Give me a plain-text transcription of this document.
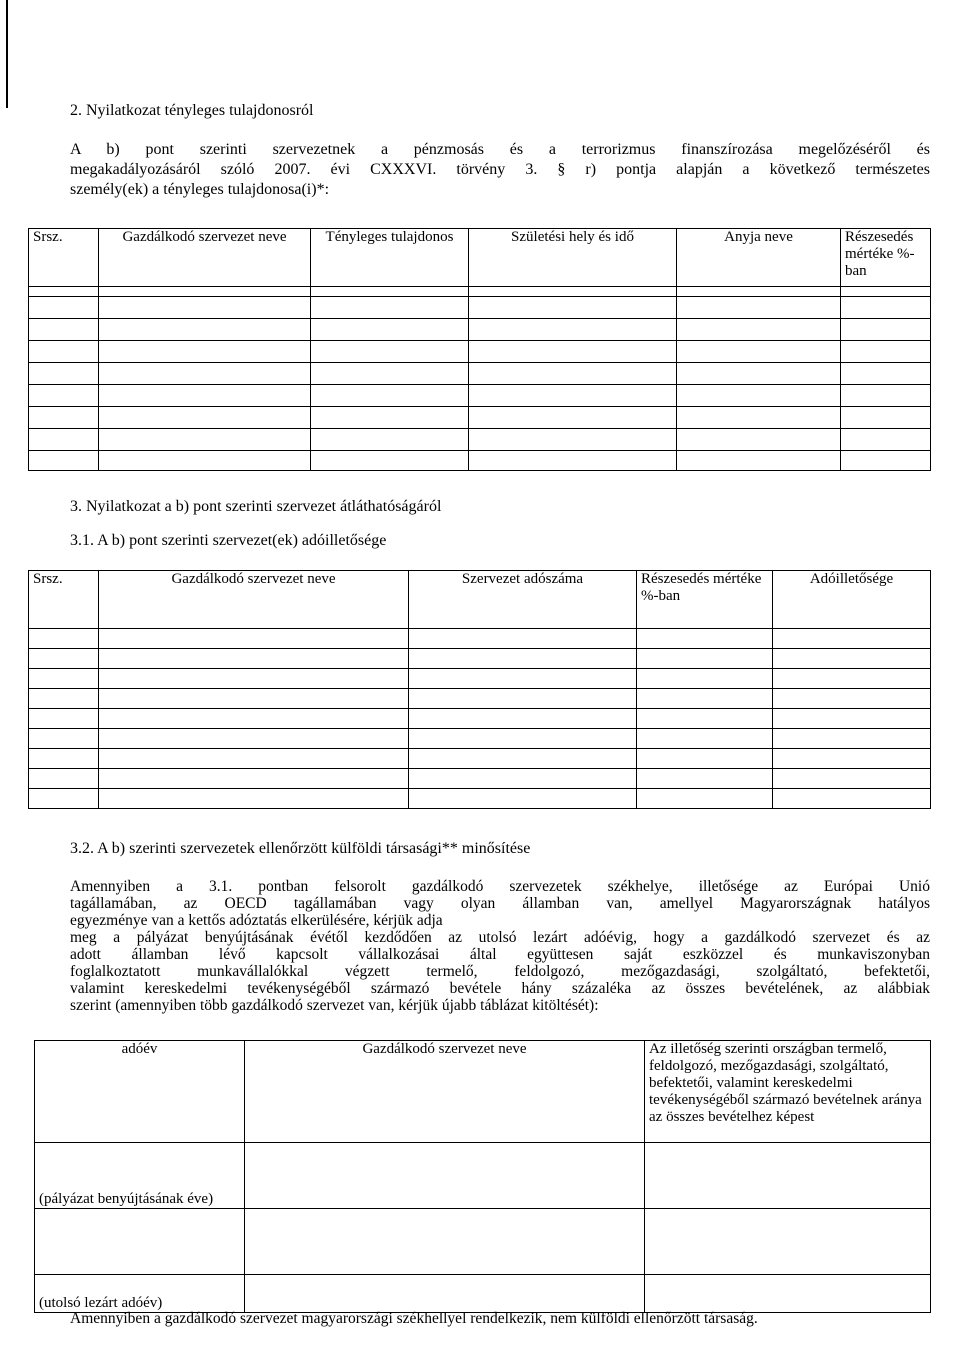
2. Nyilatkozat tényleges tulajdonosról
A b) pont szerinti szervezetnek a pénzmosás és a terrorizmus finanszírozása megelőzéséről és
megakadályozásáról szóló 2007. évi CXXXVI. törvény 3. § r) pontja alapján a következő természetes
személy(ek) a tényleges tulajdonosa(i)*:
Srsz.	Gazdálkodó szervezet neve	Tényleges tulajdonos	Születési hely és idő	Anyja neve	Részesedés mértéke %-ban

3. Nyilatkozat a b) pont szerinti szervezet átláthatóságáról
3.1. A b) pont szerinti szervezet(ek) adóilletősége
Srsz.	Gazdálkodó szervezet neve	Szervezet adószáma	Részesedés mértéke %-ban	Adóilletősége

3.2. A b) szerinti szervezetek ellenőrzött külföldi társasági** minősítése

Amennyiben a 3.1. pontban felsorolt gazdálkodó szervezetek székhelye, illetősége az Európai Unió

tagállamában, az OECD tagállamában vagy olyan államban van, amellyel Magyarországnak hatályos

egyezménye van a kettős adóztatás elkerülésére, kérjük adja

meg a pályázat benyújtásának évétől kezdődően az utolsó lezárt adóévig, hogy a gazdálkodó szervezet és az

adott államban lévő kapcsolt vállalkozásai által együttesen saját eszközzel és munkaviszonyban

foglalkoztatott munkavállalókkal végzett termelő, feldolgozó, mezőgazdasági, szolgáltató, befektetői,

valamint kereskedelmi tevékenységéből származó bevétele hány százaléka az összes bevételének, az alábbiak

szerint (amennyiben több gazdálkodó szervezet van, kérjük újabb táblázat kitöltését):

adóév	Gazdálkodó szervezet neve	Az illetőség szerinti országban termelő, feldolgozó, mezőgazdasági, szolgáltató, befektetői, valamint kereskedelmi tevékenységéből származó bevételnek aránya az összes bevételhez képest
(pályázat benyújtásának éve)		

(utolsó lezárt adóév)		
Amennyiben a gazdálkodó szervezet magyarországi székhellyel rendelkezik, nem külföldi ellenőrzött társaság.
